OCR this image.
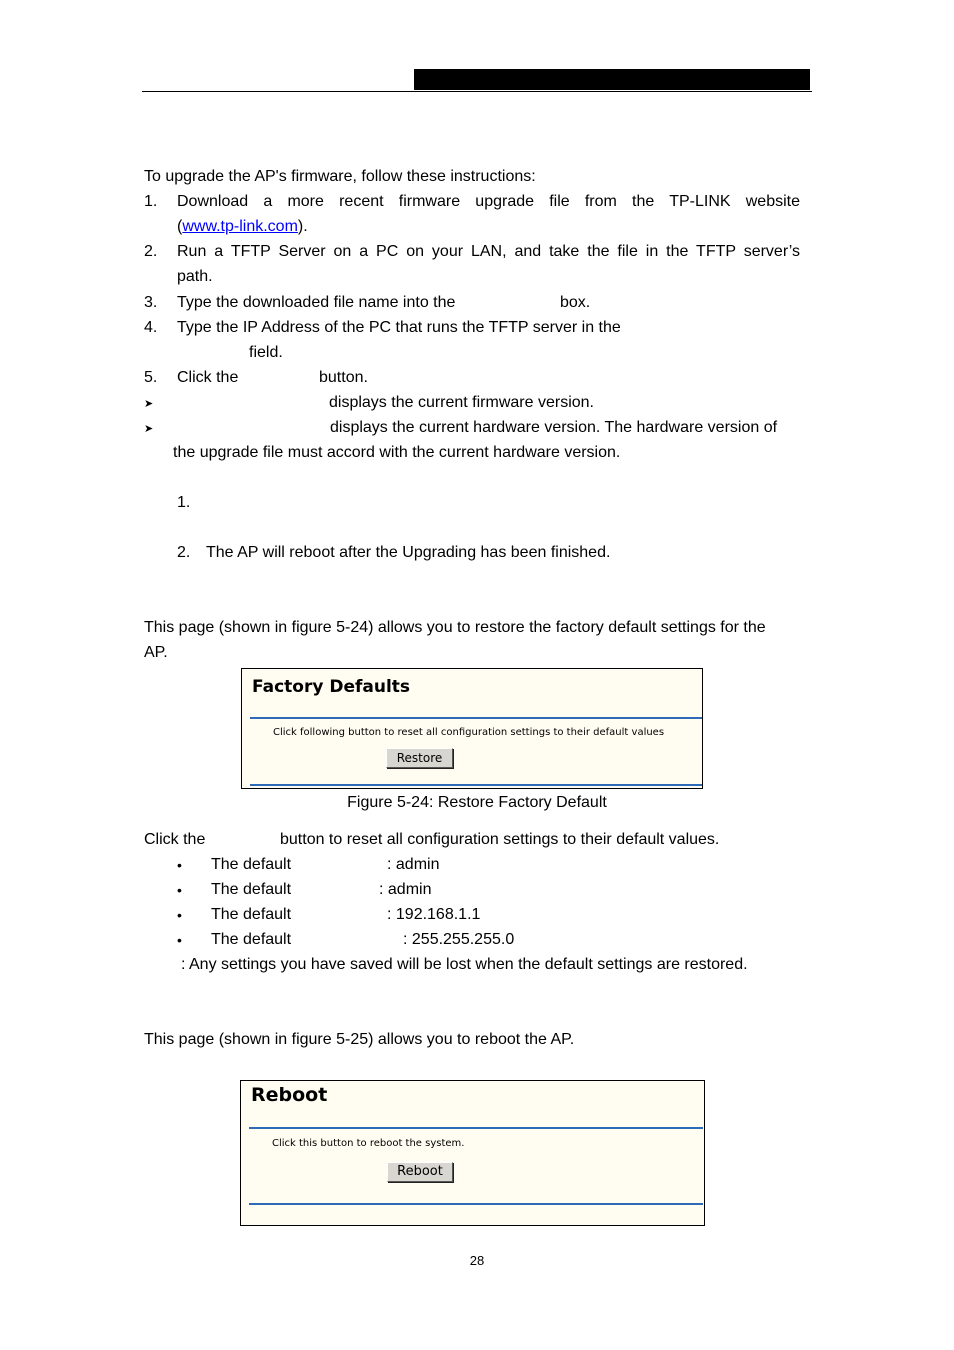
To upgrade the AP's firmware, follow these instructions:
1. Download a more recent firmware upgrade file from the TP-LINK website
(www.tp-link.com).
2. Run a TFTP Server on a PC on your LAN, and take the file in the TFTP server’s
path.
3. Type the downloaded file name into the	box.
4. Type the IP Address of the PC that runs the TFTP server in the
field.
5. Click the	button.
➤	displays the current firmware version.
➤	displays the current hardware version. The hardware version of
the upgrade file must accord with the current hardware version.
1.
2. The AP will reboot after the Upgrading has been finished.
This page (shown in figure 5-24) allows you to restore the factory default settings for the
AP.
Factory Defaults
Click following button to reset all configuration settings to their default values
Restore
Figure 5-24: Restore Factory Default
Click the	button to reset all configuration settings to their default values.
• The default	: admin
• The default	: admin
• The default	: 192.168.1.1
• The default	: 255.255.255.0
: Any settings you have saved will be lost when the default settings are restored.
This page (shown in figure 5-25) allows you to reboot the AP.
Reboot
Click this button to reboot the system.
Reboot
28
